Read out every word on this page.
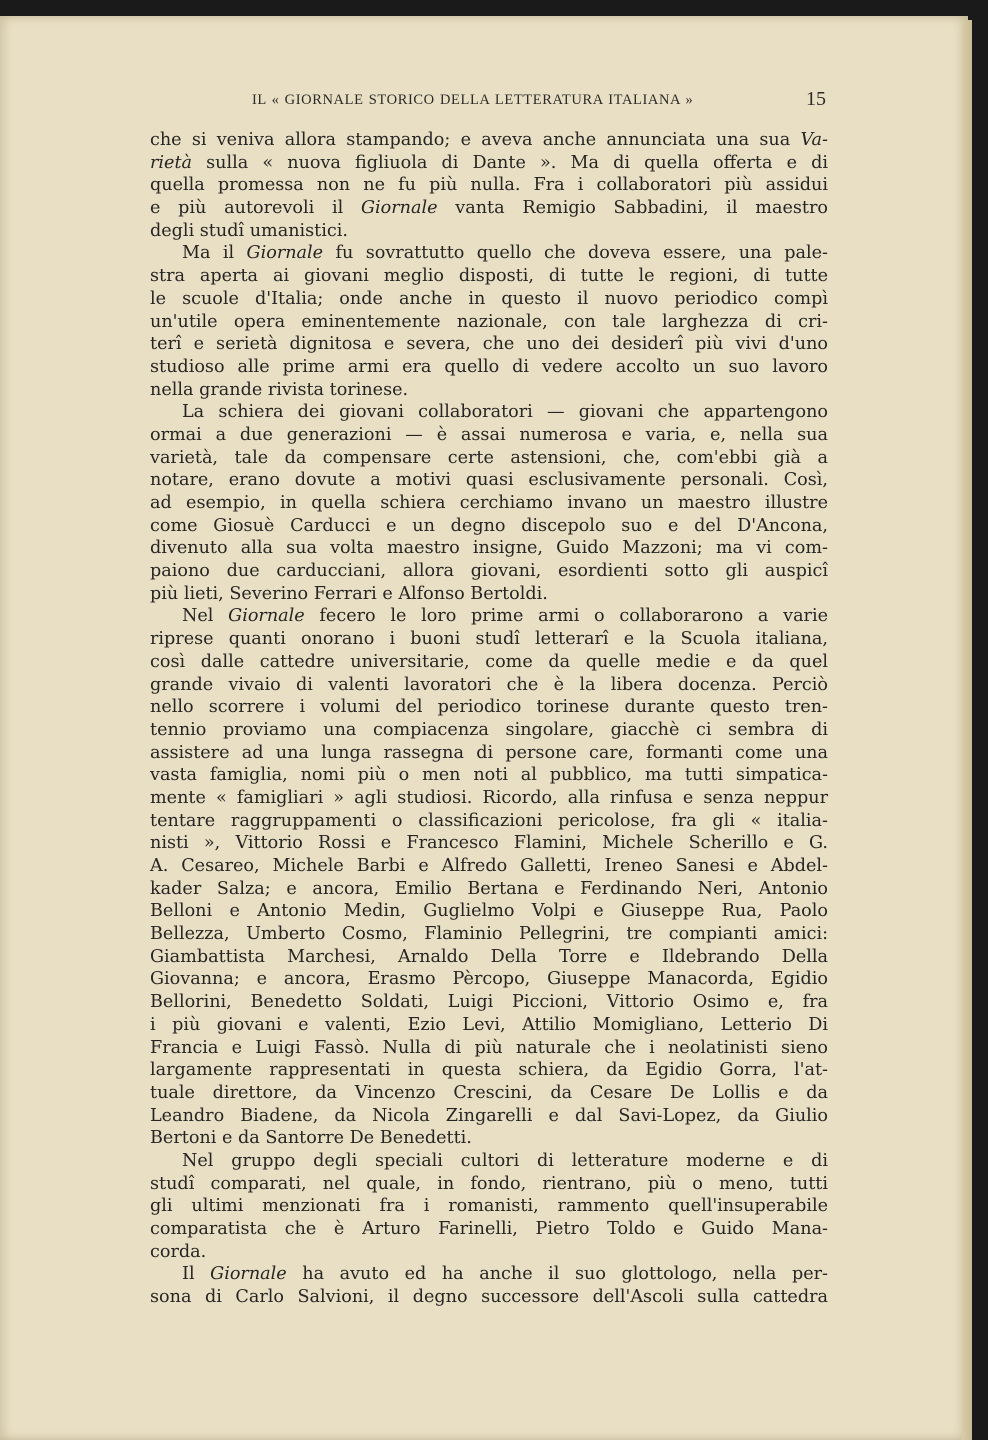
IL « GIORNALE STORICO DELLA LETTERATURA ITALIANA »	15
che si veniva allora stampando; e aveva anche annunciata una sua Va-
rietà sulla « nuova figliuola di Dante ». Ma di quella offerta e di
quella promessa non ne fu più nulla. Fra i collaboratori più assidui
e più autorevoli il Giornale vanta Remigio Sabbadini, il maestro
degli studî umanistici.
Ma il Giornale fu sovrattutto quello che doveva essere, una pale-
stra aperta ai giovani meglio disposti, di tutte le regioni, di tutte
le scuole d'Italia; onde anche in questo il nuovo periodico compì
un'utile opera eminentemente nazionale, con tale larghezza di cri-
terî e serietà dignitosa e severa, che uno dei desiderî più vivi d'uno
studioso alle prime armi era quello di vedere accolto un suo lavoro
nella grande rivista torinese.
La schiera dei giovani collaboratori — giovani che appartengono
ormai a due generazioni — è assai numerosa e varia, e, nella sua
varietà, tale da compensare certe astensioni, che, com'ebbi già a
notare, erano dovute a motivi quasi esclusivamente personali. Così,
ad esempio, in quella schiera cerchiamo invano un maestro illustre
come Giosuè Carducci e un degno discepolo suo e del D'Ancona,
divenuto alla sua volta maestro insigne, Guido Mazzoni; ma vi com-
paiono due carducciani, allora giovani, esordienti sotto gli auspicî
più lieti, Severino Ferrari e Alfonso Bertoldi.
Nel Giornale fecero le loro prime armi o collaborarono a varie
riprese quanti onorano i buoni studî letterarî e la Scuola italiana,
così dalle cattedre universitarie, come da quelle medie e da quel
grande vivaio di valenti lavoratori che è la libera docenza. Perciò
nello scorrere i volumi del periodico torinese durante questo tren-
tennio proviamo una compiacenza singolare, giacchè ci sembra di
assistere ad una lunga rassegna di persone care, formanti come una
vasta famiglia, nomi più o men noti al pubblico, ma tutti simpatica-
mente « famigliari » agli studiosi. Ricordo, alla rinfusa e senza neppur
tentare raggruppamenti o classificazioni pericolose, fra gli « italia-
nisti », Vittorio Rossi e Francesco Flamini, Michele Scherillo e G.
A. Cesareo, Michele Barbi e Alfredo Galletti, Ireneo Sanesi e Abdel-
kader Salza; e ancora, Emilio Bertana e Ferdinando Neri, Antonio
Belloni e Antonio Medin, Guglielmo Volpi e Giuseppe Rua, Paolo
Bellezza, Umberto Cosmo, Flaminio Pellegrini, tre compianti amici:
Giambattista Marchesi, Arnaldo Della Torre e Ildebrando Della
Giovanna; e ancora, Erasmo Pèrcopo, Giuseppe Manacorda, Egidio
Bellorini, Benedetto Soldati, Luigi Piccioni, Vittorio Osimo e, fra
i più giovani e valenti, Ezio Levi, Attilio Momigliano, Letterio Di
Francia e Luigi Fassò. Nulla di più naturale che i neolatinisti sieno
largamente rappresentati in questa schiera, da Egidio Gorra, l'at-
tuale direttore, da Vincenzo Crescini, da Cesare De Lollis e da
Leandro Biadene, da Nicola Zingarelli e dal Savi-Lopez, da Giulio
Bertoni e da Santorre De Benedetti.
Nel gruppo degli speciali cultori di letterature moderne e di
studî comparati, nel quale, in fondo, rientrano, più o meno, tutti
gli ultimi menzionati fra i romanisti, rammento quell'insuperabile
comparatista che è Arturo Farinelli, Pietro Toldo e Guido Mana-
corda.
Il Giornale ha avuto ed ha anche il suo glottologo, nella per-
sona di Carlo Salvioni, il degno successore dell'Ascoli sulla cattedra
